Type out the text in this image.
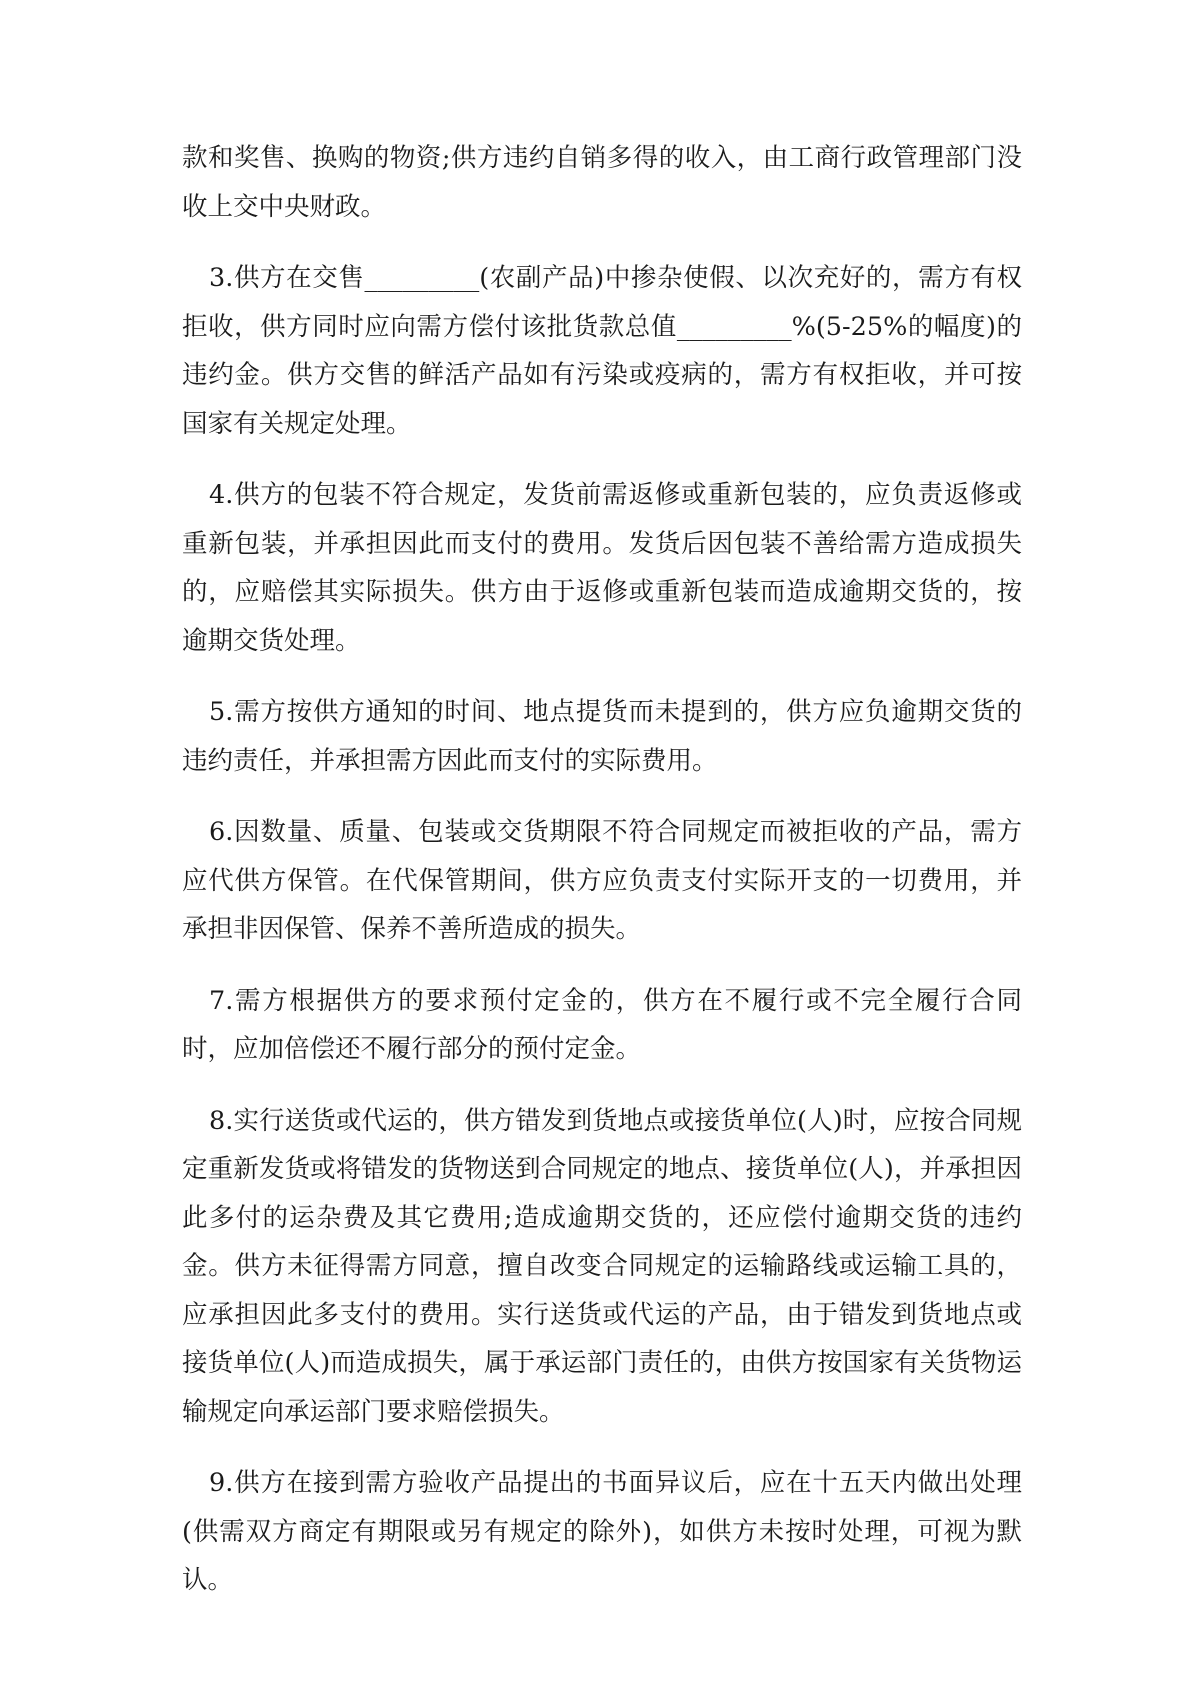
款和奖售、换购的物资;供方违约自销多得的收入，由工商行政管理部门没收上交中央财政。

3.供方在交售_________(农副产品)中掺杂使假、以次充好的，需方有权拒收，供方同时应向需方偿付该批货款总值_________%(5-25%的幅度)的违约金。供方交售的鲜活产品如有污染或疫病的，需方有权拒收，并可按国家有关规定处理。

4.供方的包装不符合规定，发货前需返修或重新包装的，应负责返修或重新包装，并承担因此而支付的费用。发货后因包装不善给需方造成损失的，应赔偿其实际损失。供方由于返修或重新包装而造成逾期交货的，按逾期交货处理。

5.需方按供方通知的时间、地点提货而未提到的，供方应负逾期交货的违约责任，并承担需方因此而支付的实际费用。

6.因数量、质量、包装或交货期限不符合同规定而被拒收的产品，需方应代供方保管。在代保管期间，供方应负责支付实际开支的一切费用，并承担非因保管、保养不善所造成的损失。

7.需方根据供方的要求预付定金的，供方在不履行或不完全履行合同时，应加倍偿还不履行部分的预付定金。

8.实行送货或代运的，供方错发到货地点或接货单位(人)时，应按合同规定重新发货或将错发的货物送到合同规定的地点、接货单位(人)，并承担因此多付的运杂费及其它费用;造成逾期交货的，还应偿付逾期交货的违约金。供方未征得需方同意，擅自改变合同规定的运输路线或运输工具的，应承担因此多支付的费用。实行送货或代运的产品，由于错发到货地点或接货单位(人)而造成损失，属于承运部门责任的，由供方按国家有关货物运输规定向承运部门要求赔偿损失。

9.供方在接到需方验收产品提出的书面异议后，应在十五天内做出处理(供需双方商定有期限或另有规定的除外)，如供方未按时处理，可视为默认。
